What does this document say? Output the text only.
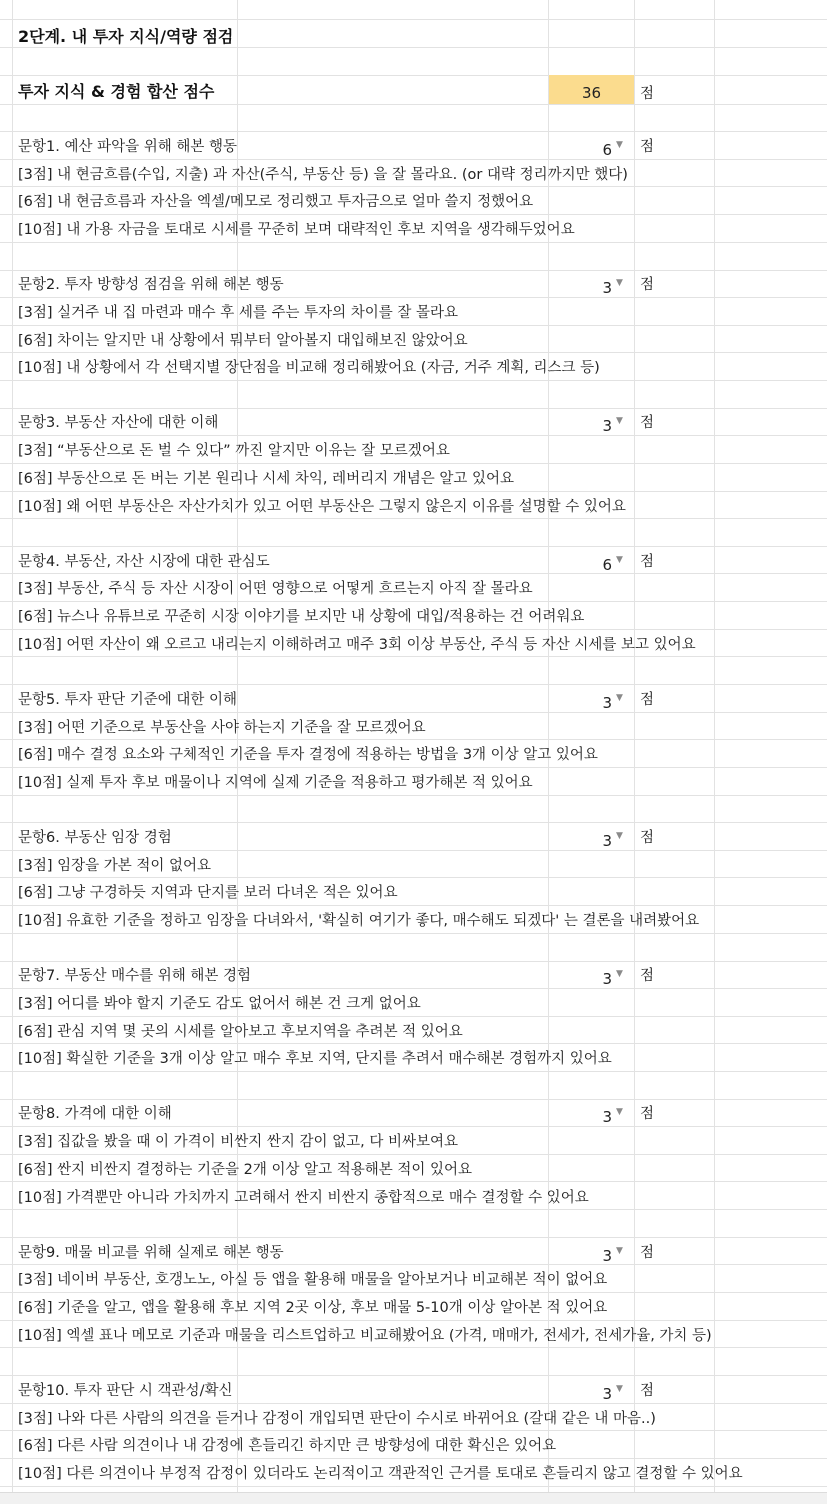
2단계. 내 투자 지식/역량 점검
투자 지식 & 경험 합산 점수	36	점
문항1. 예산 파악을 위해 해본 행동	6 ▼ 점
[3점] 내 현금흐름(수입, 지출) 과 자산(주식, 부동산 등) 을 잘 몰라요. (or 대략 정리까지만 했다)
[6점] 내 현금흐름과 자산을 엑셀/메모로 정리했고 투자금으로 얼마 쓸지 정했어요
[10점] 내 가용 자금을 토대로 시세를 꾸준히 보며 대략적인 후보 지역을 생각해두었어요
문항2. 투자 방향성 점검을 위해 해본 행동	3 ▼ 점
[3점] 실거주 내 집 마련과 매수 후 세를 주는 투자의 차이를 잘 몰라요
[6점] 차이는 알지만 내 상황에서 뭐부터 알아볼지 대입해보진 않았어요
[10점] 내 상황에서 각 선택지별 장단점을 비교해 정리해봤어요 (자금, 거주 계획, 리스크 등)
문항3. 부동산 자산에 대한 이해	3 ▼ 점
[3점] “부동산으로 돈 벌 수 있다” 까진 알지만 이유는 잘 모르겠어요
[6점] 부동산으로 돈 버는 기본 원리나 시세 차익, 레버리지 개념은 알고 있어요
[10점] 왜 어떤 부동산은 자산가치가 있고 어떤 부동산은 그렇지 않은지 이유를 설명할 수 있어요
문항4. 부동산, 자산 시장에 대한 관심도	6 ▼ 점
[3점] 부동산, 주식 등 자산 시장이 어떤 영향으로 어떻게 흐르는지 아직 잘 몰라요
[6점] 뉴스나 유튜브로 꾸준히 시장 이야기를 보지만 내 상황에 대입/적용하는 건 어려워요
[10점] 어떤 자산이 왜 오르고 내리는지 이해하려고 매주 3회 이상 부동산, 주식 등 자산 시세를 보고 있어요
문항5. 투자 판단 기준에 대한 이해	3 ▼ 점
[3점] 어떤 기준으로 부동산을 사야 하는지 기준을 잘 모르겠어요
[6점] 매수 결정 요소와 구체적인 기준을 투자 결정에 적용하는 방법을 3개 이상 알고 있어요
[10점] 실제 투자 후보 매물이나 지역에 실제 기준을 적용하고 평가해본 적 있어요
문항6. 부동산 임장 경험	3 ▼ 점
[3점] 임장을 가본 적이 없어요
[6점] 그냥 구경하듯 지역과 단지를 보러 다녀온 적은 있어요
[10점] 유효한 기준을 정하고 임장을 다녀와서, '확실히 여기가 좋다, 매수해도 되겠다' 는 결론을 내려봤어요
문항7. 부동산 매수를 위해 해본 경험	3 ▼ 점
[3점] 어디를 봐야 할지 기준도 감도 없어서 해본 건 크게 없어요
[6점] 관심 지역 몇 곳의 시세를 알아보고 후보지역을 추려본 적 있어요
[10점] 확실한 기준을 3개 이상 알고 매수 후보 지역, 단지를 추려서 매수해본 경험까지 있어요
문항8. 가격에 대한 이해	3 ▼ 점
[3점] 집값을 봤을 때 이 가격이 비싼지 싼지 감이 없고, 다 비싸보여요
[6점] 싼지 비싼지 결정하는 기준을 2개 이상 알고 적용해본 적이 있어요
[10점] 가격뿐만 아니라 가치까지 고려해서 싼지 비싼지 종합적으로 매수 결정할 수 있어요
문항9. 매물 비교를 위해 실제로 해본 행동	3 ▼ 점
[3점] 네이버 부동산, 호갱노노, 아실 등 앱을 활용해 매물을 알아보거나 비교해본 적이 없어요
[6점] 기준을 알고, 앱을 활용해 후보 지역 2곳 이상, 후보 매물 5-10개 이상 알아본 적 있어요
[10점] 엑셀 표나 메모로 기준과 매물을 리스트업하고 비교해봤어요 (가격, 매매가, 전세가, 전세가율, 가치 등)
문항10. 투자 판단 시 객관성/확신	3 ▼ 점
[3점] 나와 다른 사람의 의견을 듣거나 감정이 개입되면 판단이 수시로 바뀌어요 (갈대 같은 내 마음..)
[6점] 다른 사람 의견이나 내 감정에 흔들리긴 하지만 큰 방향성에 대한 확신은 있어요
[10점] 다른 의견이나 부정적 감정이 있더라도 논리적이고 객관적인 근거를 토대로 흔들리지 않고 결정할 수 있어요
